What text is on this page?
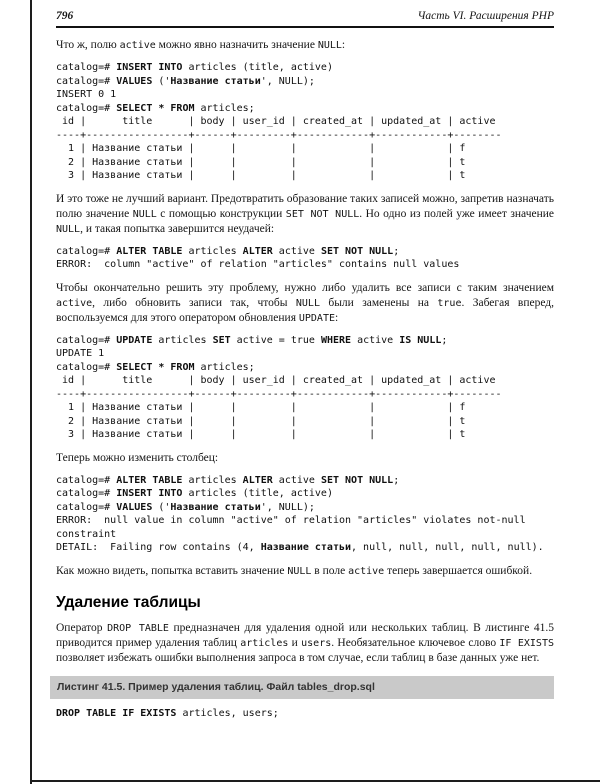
796	Часть VI. Расширения PHP

Что ж, полю active можно явно назначить значение NULL:

catalog=# INSERT INTO articles (title, active)
catalog=# VALUES ('Название статьи', NULL);
INSERT 0 1
catalog=# SELECT * FROM articles;
id |      title      | body | user_id | created_at | updated_at | active
----+-----------------+------+---------+------------+------------+--------
1 | Название статьи |      |         |            |            | f
2 | Название статьи |      |         |            |            | t
3 | Название статьи |      |         |            |            | t

И это тоже не лучший вариант. Предотвратить образование таких записей можно, запретив назначать полю значение NULL с помощью конструкции SET NOT NULL. Но одно из полей уже имеет значение NULL, и такая попытка завершится неудачей:

catalog=# ALTER TABLE articles ALTER active SET NOT NULL;
ERROR:  column "active" of relation "articles" contains null values

Чтобы окончательно решить эту проблему, нужно либо удалить все записи с таким значением active, либо обновить записи так, чтобы NULL были заменены на true. Забегая вперед, воспользуемся для этого оператором обновления UPDATE:

catalog=# UPDATE articles SET active = true WHERE active IS NULL;
UPDATE 1
catalog=# SELECT * FROM articles;
id |      title      | body | user_id | created_at | updated_at | active
----+-----------------+------+---------+------------+------------+--------
1 | Название статьи |      |         |            |            | f
2 | Название статьи |      |         |            |            | t
3 | Название статьи |      |         |            |            | t

Теперь можно изменить столбец:

catalog=# ALTER TABLE articles ALTER active SET NOT NULL;
catalog=# INSERT INTO articles (title, active)
catalog=# VALUES ('Название статьи', NULL);
ERROR:  null value in column "active" of relation "articles" violates not-null
constraint
DETAIL:  Failing row contains (4, Название статьи, null, null, null, null, null).

Как можно видеть, попытка вставить значение NULL в поле active теперь завершается ошибкой.

Удаление таблицы

Оператор DROP TABLE предназначен для удаления одной или нескольких таблиц. В листинге 41.5 приводится пример удаления таблиц articles и users. Необязательное ключевое слово IF EXISTS позволяет избежать ошибки выполнения запроса в том случае, если таблиц в базе данных уже нет.

Листинг 41.5. Пример удаления таблиц. Файл tables_drop.sql
DROP TABLE IF EXISTS articles, users;
